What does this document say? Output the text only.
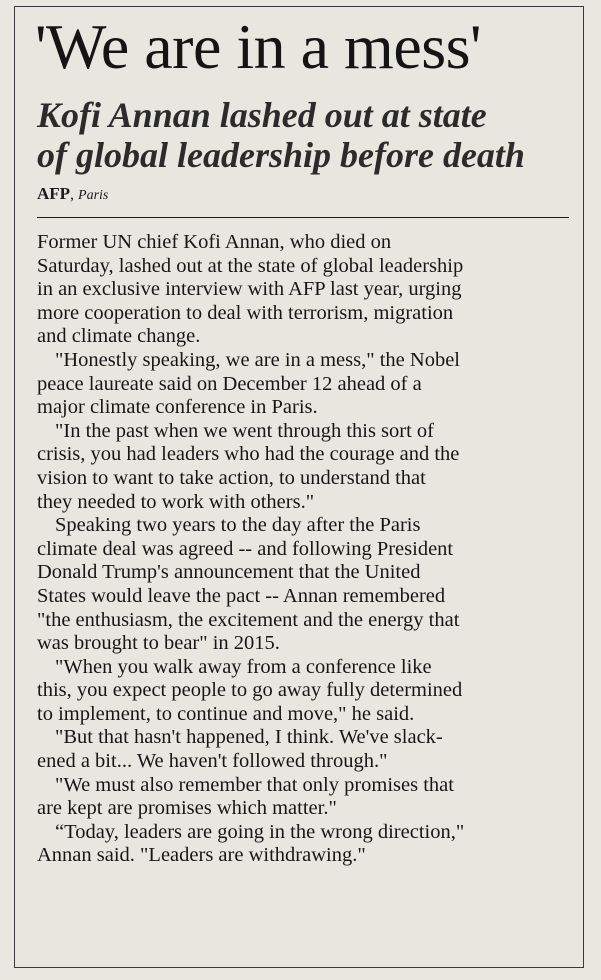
'We are in a mess'
Kofi Annan lashed out at state
of global leadership before death
AFP, Paris

Former UN chief Kofi Annan, who died on
Saturday, lashed out at the state of global leadership
in an exclusive interview with AFP last year, urging
more cooperation to deal with terrorism, migration
and climate change.

"Honestly speaking, we are in a mess," the Nobel
peace laureate said on December 12 ahead of a
major climate conference in Paris.

"In the past when we went through this sort of
crisis, you had leaders who had the courage and the
vision to want to take action, to understand that
they needed to work with others."

Speaking two years to the day after the Paris
climate deal was agreed -- and following President
Donald Trump's announcement that the United
States would leave the pact -- Annan remembered
"the enthusiasm, the excitement and the energy that
was brought to bear" in 2015.

"When you walk away from a conference like
this, you expect people to go away fully determined
to implement, to continue and move," he said.

"But that hasn't happened, I think. We've slack-
ened a bit... We haven't followed through."

"We must also remember that only promises that
are kept are promises which matter."

“Today, leaders are going in the wrong direction,"
Annan said. "Leaders are withdrawing."
